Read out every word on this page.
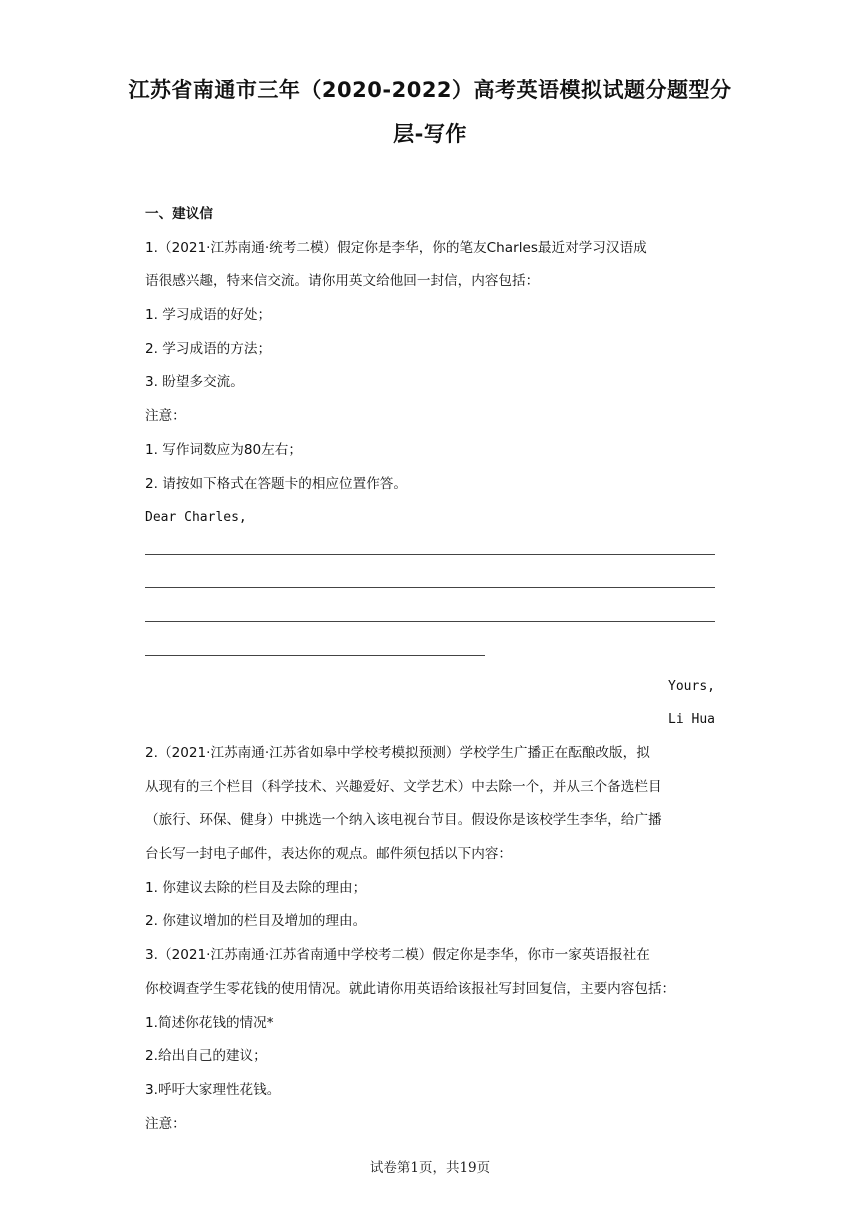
江苏省南通市三年（2020-2022）高考英语模拟试题分题型分
层-写作
一、建议信
1.（2021·江苏南通·统考二模）假定你是李华，你的笔友Charles最近对学习汉语成
语很感兴趣，特来信交流。请你用英文给他回一封信，内容包括：
1. 学习成语的好处；
2. 学习成语的方法；
3. 盼望多交流。
注意：
1. 写作词数应为80左右；
2. 请按如下格式在答题卡的相应位置作答。
Dear Charles,
Yours,
Li Hua
2.（2021·江苏南通·江苏省如皋中学校考模拟预测）学校学生广播正在酝酿改版，拟
从现有的三个栏目（科学技术、兴趣爱好、文学艺术）中去除一个，并从三个备选栏目
（旅行、环保、健身）中挑选一个纳入该电视台节目。假设你是该校学生李华，给广播
台长写一封电子邮件，表达你的观点。邮件须包括以下内容：
1. 你建议去除的栏目及去除的理由；
2. 你建议增加的栏目及增加的理由。
3.（2021·江苏南通·江苏省南通中学校考二模）假定你是李华，你市一家英语报社在
你校调查学生零花钱的使用情况。就此请你用英语给该报社写封回复信，主要内容包括：
1.简述你花钱的情况*
2.给出自己的建议；
3.呼吁大家理性花钱。
注意：
试卷第1页，共19页
